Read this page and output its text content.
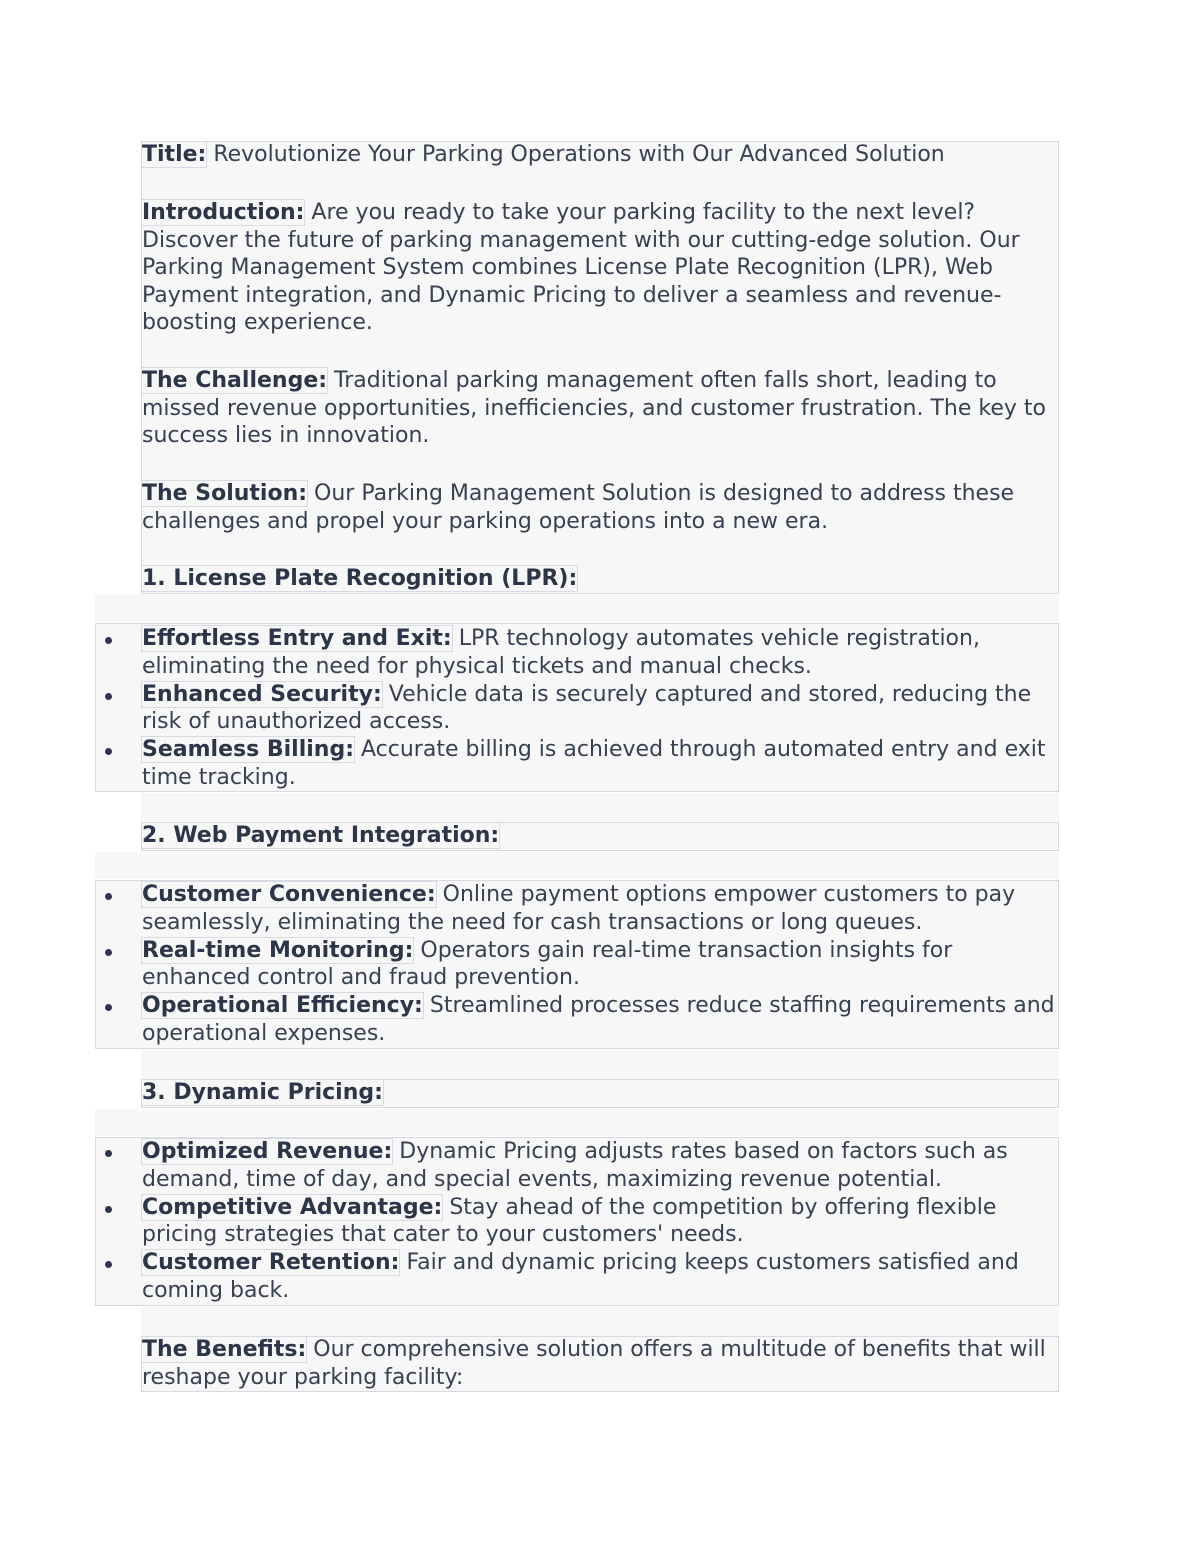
Title: Revolutionize Your Parking Operations with Our Advanced Solution

Introduction: Are you ready to take your parking facility to the next level? Discover the future of parking management with our cutting-edge solution. Our Parking Management System combines License Plate Recognition (LPR), Web Payment integration, and Dynamic Pricing to deliver a seamless and revenue-boosting experience.

The Challenge: Traditional parking management often falls short, leading to missed revenue opportunities, inefficiencies, and customer frustration. The key to success lies in innovation.

The Solution: Our Parking Management Solution is designed to address these challenges and propel your parking operations into a new era.

1. License Plate Recognition (LPR):

Effortless Entry and Exit: LPR technology automates vehicle registration, eliminating the need for physical tickets and manual checks.
Enhanced Security: Vehicle data is securely captured and stored, reducing the risk of unauthorized access.
Seamless Billing: Accurate billing is achieved through automated entry and exit time tracking.

2. Web Payment Integration:

Customer Convenience: Online payment options empower customers to pay seamlessly, eliminating the need for cash transactions or long queues.
Real-time Monitoring: Operators gain real-time transaction insights for enhanced control and fraud prevention.
Operational Efficiency: Streamlined processes reduce staffing requirements and operational expenses.

3. Dynamic Pricing:

Optimized Revenue: Dynamic Pricing adjusts rates based on factors such as demand, time of day, and special events, maximizing revenue potential.
Competitive Advantage: Stay ahead of the competition by offering flexible pricing strategies that cater to your customers' needs.
Customer Retention: Fair and dynamic pricing keeps customers satisfied and coming back.

The Benefits: Our comprehensive solution offers a multitude of benefits that will reshape your parking facility:
